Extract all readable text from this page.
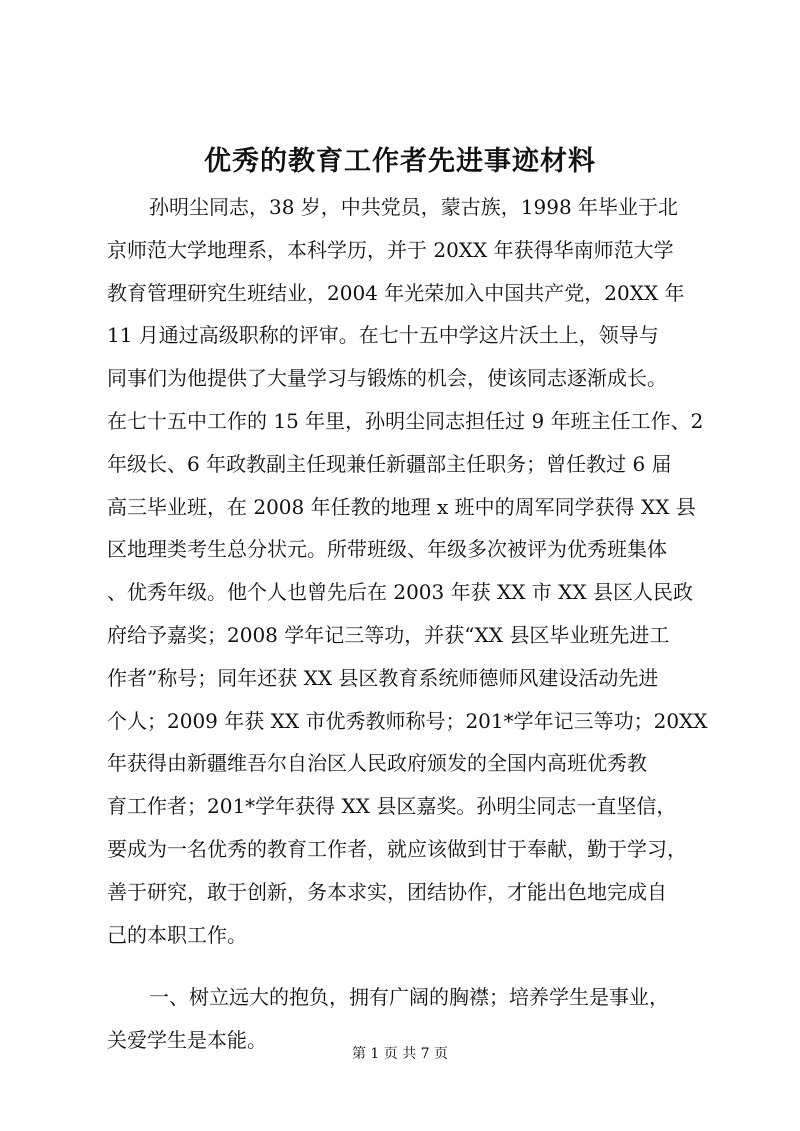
优秀的教育工作者先进事迹材料
孙明尘同志，38 岁，中共党员，蒙古族，1998 年毕业于北
京师范大学地理系，本科学历，并于 20XX 年获得华南师范大学
教育管理研究生班结业，2004 年光荣加入中国共产党，20XX 年
11 月通过高级职称的评审。在七十五中学这片沃土上，领导与
同事们为他提供了大量学习与锻炼的机会，使该同志逐渐成长。
在七十五中工作的 15 年里，孙明尘同志担任过 9 年班主任工作、2
年级长、6 年政教副主任现兼任新疆部主任职务；曾任教过 6 届
高三毕业班，在 2008 年任教的地理 x 班中的周军同学获得 XX 县
区地理类考生总分状元。所带班级、年级多次被评为优秀班集体
、优秀年级。他个人也曾先后在 2003 年获 XX 市 XX 县区人民政
府给予嘉奖；2008 学年记三等功，并获“XX 县区毕业班先进工
作者”称号；同年还获 XX 县区教育系统师德师风建设活动先进
个人；2009 年获 XX 市优秀教师称号；201*学年记三等功；20XX
年获得由新疆维吾尔自治区人民政府颁发的全国内高班优秀教
育工作者；201*学年获得 XX 县区嘉奖。孙明尘同志一直坚信，
要成为一名优秀的教育工作者，就应该做到甘于奉献，勤于学习，
善于研究，敢于创新，务本求实，团结协作，才能出色地完成自
己的本职工作。
一、树立远大的抱负，拥有广阔的胸襟；培养学生是事业，
关爱学生是本能。
第 1 页 共 7 页
